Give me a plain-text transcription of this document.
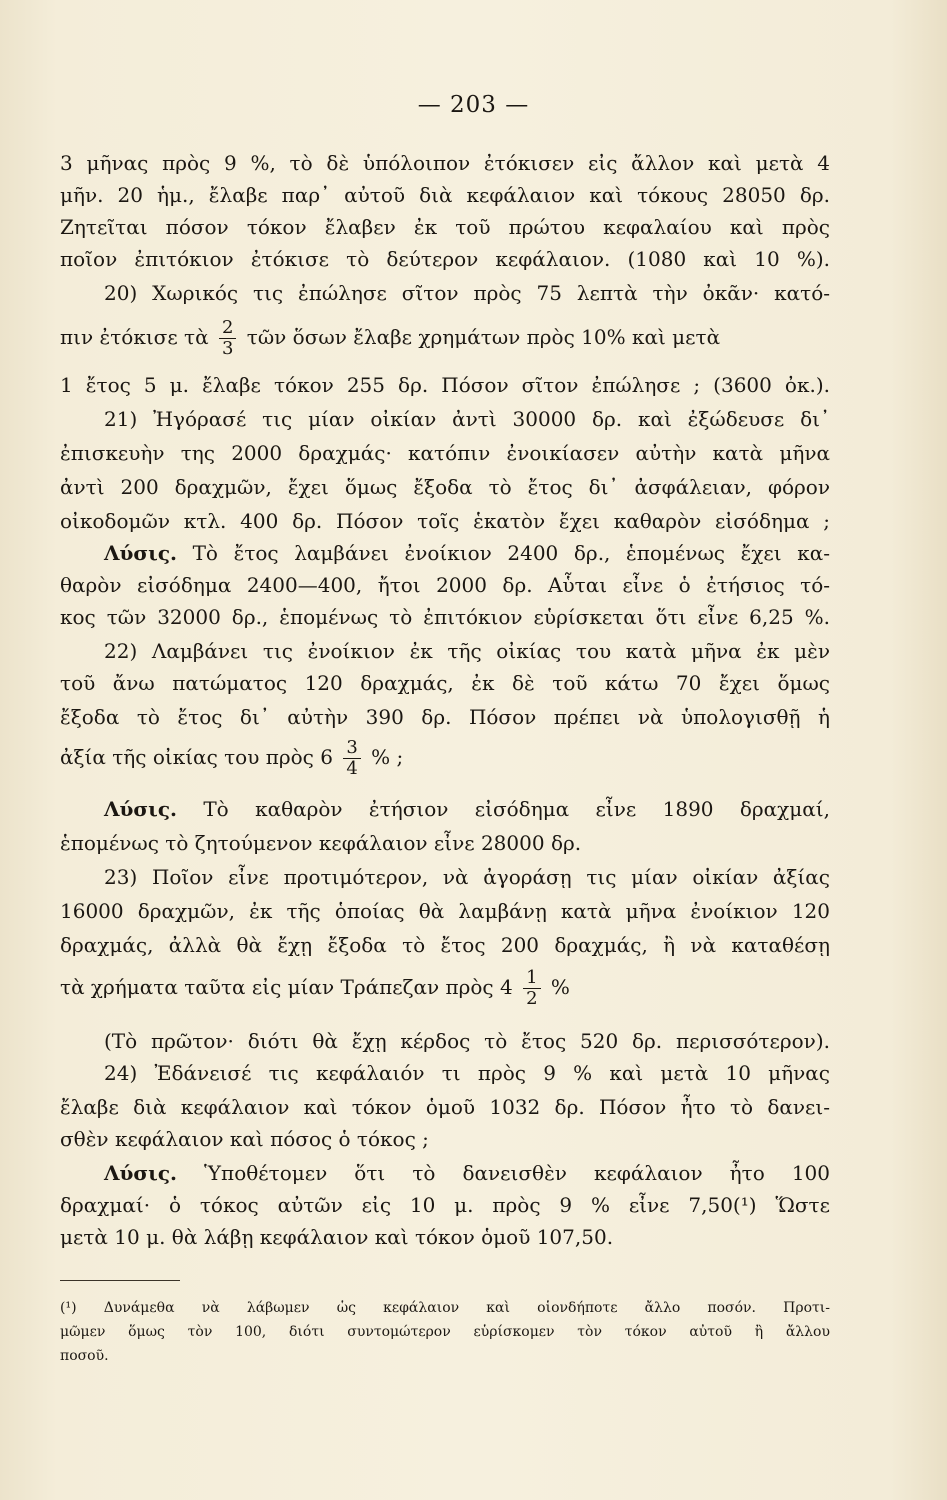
— 203 —
3 μῆνας πρὸς 9 %, τὸ δὲ ὑπόλοιπον ἐτόκισεν εἰς ἄλλον καὶ μετὰ 4
μῆν. 20 ἡμ., ἔλαβε παρ᾽ αὐτοῦ διὰ κεφάλαιον καὶ τόκους 28050 δρ.
Ζητεῖται πόσον τόκον ἔλαβεν ἐκ τοῦ πρώτου κεφαλαίου καὶ πρὸς
ποῖον ἐπιτόκιον ἐτόκισε τὸ δεύτερον κεφάλαιον. (1080 καὶ 10 %).
20) Χωρικός τις ἐπώλησε σῖτον πρὸς 75 λεπτὰ τὴν ὀκᾶν· κατό-
πιν ἐτόκισε τὰ $\frac{2}{3}$ τῶν ὅσων ἔλαβε χρημάτων πρὸς 10% καὶ μετὰ
1 ἔτος 5 μ. ἔλαβε τόκον 255 δρ. Πόσον σῖτον ἐπώλησε ; (3600 ὀκ.).
21) Ἠγόρασέ τις μίαν οἰκίαν ἀντὶ 30000 δρ. καὶ ἐξώδευσε δι᾽
ἐπισκευὴν της 2000 δραχμάς· κατόπιν ἐνοικίασεν αὐτὴν κατὰ μῆνα
ἀντὶ 200 δραχμῶν, ἔχει ὅμως ἔξοδα τὸ ἔτος δι᾽ ἀσφάλειαν, φόρον
οἰκοδομῶν κτλ. 400 δρ. Πόσον τοῖς ἑκατὸν ἔχει καθαρὸν εἰσόδημα ;
Λύσις. Τὸ ἔτος λαμβάνει ἐνοίκιον 2400 δρ., ἑπομένως ἔχει κα-
θαρὸν εἰσόδημα 2400—400, ἤτοι 2000 δρ. Αὗται εἶνε ὁ ἐτήσιος τό-
κος τῶν 32000 δρ., ἑπομένως τὸ ἐπιτόκιον εὑρίσκεται ὅτι εἶνε 6,25 %.
22) Λαμβάνει τις ἐνοίκιον ἐκ τῆς οἰκίας του κατὰ μῆνα ἐκ μὲν
τοῦ ἄνω πατώματος 120 δραχμάς, ἐκ δὲ τοῦ κάτω 70 ἔχει ὅμως
ἔξοδα τὸ ἔτος δι᾽ αὐτὴν 390 δρ. Πόσον πρέπει νὰ ὑπολογισθῇ ἡ
ἀξία τῆς οἰκίας του πρὸς $6 \frac{3}{4}$ % ;
Λύσις. Τὸ καθαρὸν ἐτήσιον εἰσόδημα εἶνε 1890 δραχμαί,
ἑπομένως τὸ ζητούμενον κεφάλαιον εἶνε 28000 δρ.
23) Ποῖον εἶνε προτιμότερον, νὰ ἀγοράσῃ τις μίαν οἰκίαν ἀξίας
16000 δραχμῶν, ἐκ τῆς ὁποίας θὰ λαμβάνῃ κατὰ μῆνα ἐνοίκιον 120
δραχμάς, ἀλλὰ θὰ ἔχῃ ἔξοδα τὸ ἔτος 200 δραχμάς, ἢ νὰ καταθέσῃ
τὰ χρήματα ταῦτα εἰς μίαν Τράπεζαν πρὸς $4 \frac{1}{2}$ %
(Τὸ πρῶτον· διότι θὰ ἔχῃ κέρδος τὸ ἔτος 520 δρ. περισσότερον).
24) Ἐδάνεισέ τις κεφάλαιόν τι πρὸς 9 % καὶ μετὰ 10 μῆνας
ἔλαβε διὰ κεφάλαιον καὶ τόκον ὁμοῦ 1032 δρ. Πόσον ἦτο τὸ δανει-
σθὲν κεφάλαιον καὶ πόσος ὁ τόκος ;
Λύσις. Ὑποθέτομεν ὅτι τὸ δανεισθὲν κεφάλαιον ἦτο 100
δραχμαί· ὁ τόκος αὐτῶν εἰς 10 μ. πρὸς 9 % εἶνε 7,50(¹) Ὥστε
μετὰ 10 μ. θὰ λάβῃ κεφάλαιον καὶ τόκον ὁμοῦ 107,50.
(¹) Δυνάμεθα νὰ λάβωμεν ὡς κεφάλαιον καὶ οἱονδήποτε ἄλλο ποσόν. Προτι-
μῶμεν ὅμως τὸν 100, διότι συντομώτερον εὑρίσκομεν τὸν τόκον αὐτοῦ ἢ ἄλλου
ποσοῦ.
